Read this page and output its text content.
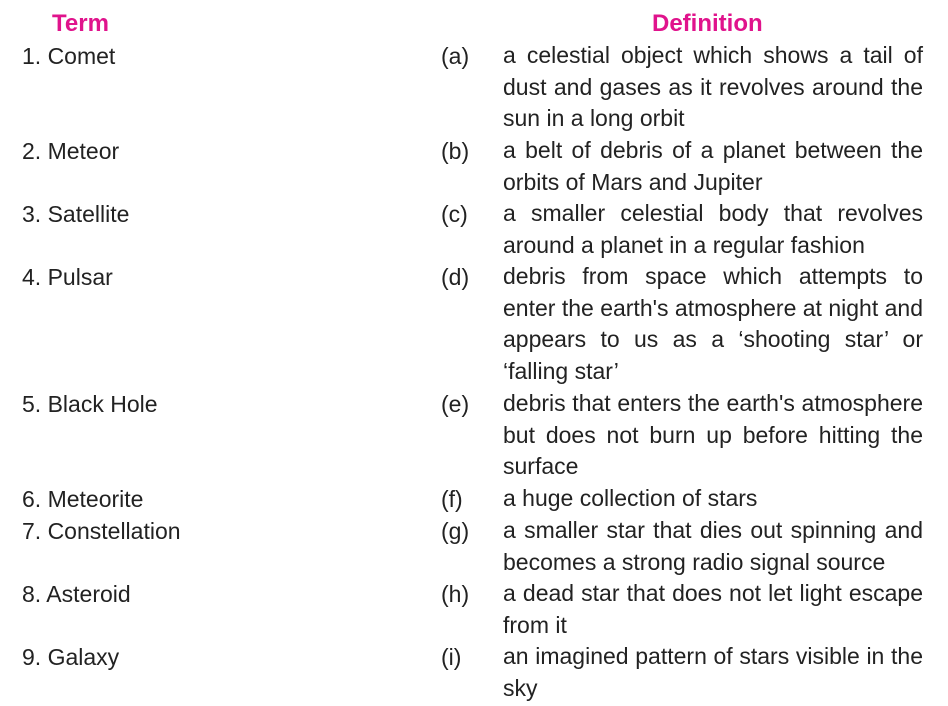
Term	Definition
1. Comet	(a) a celestial object which shows a tail of dust and gases as it revolves around the sun in a long orbit
2. Meteor	(b) a belt of debris of a planet between the orbits of Mars and Jupiter
3. Satellite	(c) a smaller celestial body that revolves around a planet in a regular fashion
4. Pulsar	(d) debris from space which attempts to enter the earth's atmosphere at night and appears to us as a ‘shooting star’ or ‘falling star’
5. Black Hole	(e) debris that enters the earth's atmosphere but does not burn up before hitting the surface
6. Meteorite	(f) a huge collection of stars
7. Constellation	(g) a smaller star that dies out spinning and becomes a strong radio signal source
8. Asteroid	(h) a dead star that does not let light escape from it
9. Galaxy	(i) an imagined pattern of stars visible in the sky
